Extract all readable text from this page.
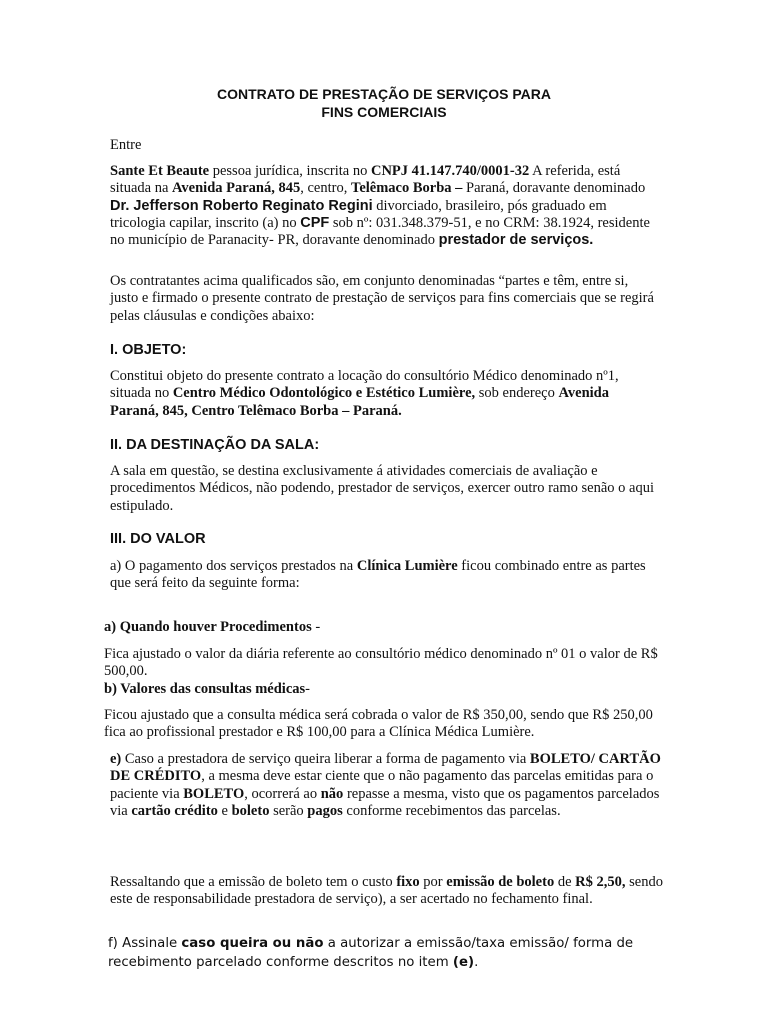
CONTRATO DE PRESTAÇÃO DE SERVIÇOS PARA
FINS COMERCIAIS

Entre

Sante Et Beaute pessoa jurídica, inscrita no CNPJ 41.147.740/0001-32 A referida, está situada na Avenida Paraná, 845, centro, Telêmaco Borba – Paraná, doravante denominado Dr. Jefferson Roberto Reginato Regini divorciado, brasileiro, pós graduado em tricologia capilar, inscrito (a) no CPF sob nº: 031.348.379-51, e no CRM: 38.1924, residente no município de Paranacity- PR, doravante denominado prestador de serviços.

Os contratantes acima qualificados são, em conjunto denominadas “partes e têm, entre si, justo e firmado o presente contrato de prestação de serviços para fins comerciais que se regirá pelas cláusulas e condições abaixo:

I. OBJETO:

Constitui objeto do presente contrato a locação do consultório Médico denominado nº1, situada no Centro Médico Odontológico e Estético Lumière, sob endereço Avenida Paraná, 845, Centro Telêmaco Borba – Paraná.

II. DA DESTINAÇÃO DA SALA:

A sala em questão, se destina exclusivamente á atividades comerciais de avaliação e procedimentos Médicos, não podendo, prestador de serviços, exercer outro ramo senão o aqui estipulado.

III. DO VALOR

a) O pagamento dos serviços prestados na Clínica Lumière ficou combinado entre as partes que será feito da seguinte forma:

a) Quando houver Procedimentos -

Fica ajustado o valor da diária referente ao consultório médico denominado nº 01 o valor de R$ 500,00.

b) Valores das consultas médicas-

Ficou ajustado que a consulta médica será cobrada o valor de R$ 350,00, sendo que R$ 250,00 fica ao profissional prestador e R$ 100,00 para a Clínica Médica Lumière.

e) Caso a prestadora de serviço queira liberar a forma de pagamento via BOLETO/ CARTÃO DE CRÉDITO, a mesma deve estar ciente que o não pagamento das parcelas emitidas para o paciente via BOLETO, ocorrerá ao não repasse a mesma, visto que os pagamentos parcelados via cartão crédito e boleto serão pagos conforme recebimentos das parcelas.

Ressaltando que a emissão de boleto tem o custo fixo por emissão de boleto de R$ 2,50, sendo este de responsabilidade prestadora de serviço), a ser acertado no fechamento final.

f) Assinale caso queira ou não a autorizar a emissão/taxa emissão/ forma de recebimento parcelado conforme descritos no item (e).
